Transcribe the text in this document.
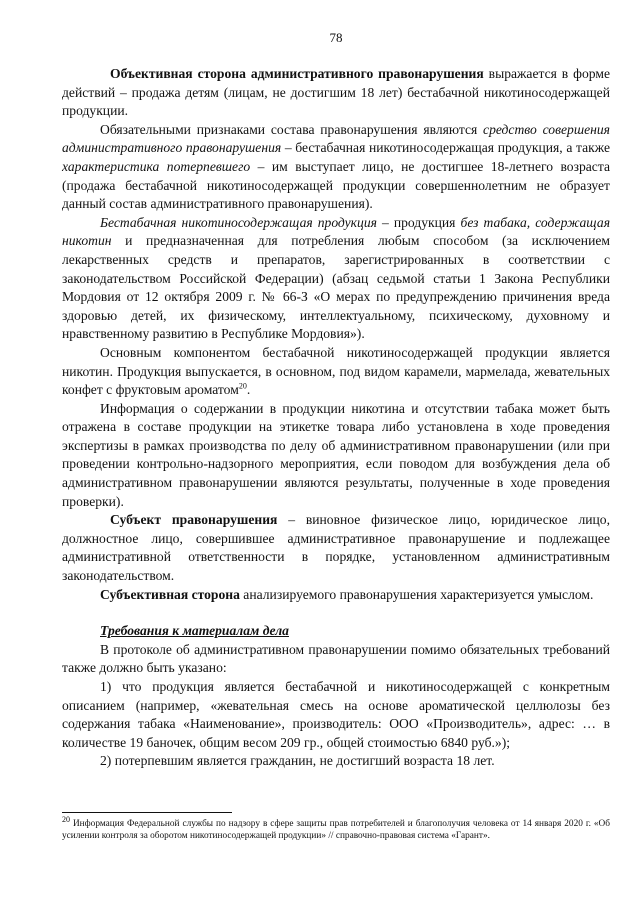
78

Объективная сторона административного правонарушения выражается в форме действий – продажа детям (лицам, не достигшим 18 лет) бестабачной никотиносодержащей продукции.

Обязательными признаками состава правонарушения являются средство совершения административного правонарушения – бестабачная никотиносодержащая продукция, а также характеристика потерпевшего – им выступает лицо, не достигшее 18-летнего возраста (продажа бестабачной никотиносодержащей продукции совершеннолетним не образует данный состав административного правонарушения).

Бестабачная никотиносодержащая продукция – продукция без табака, содержащая никотин и предназначенная для потребления любым способом (за исключением лекарственных средств и препаратов, зарегистрированных в соответствии с законодательством Российской Федерации) (абзац седьмой статьи 1 Закона Республики Мордовия от 12 октября 2009 г. № 66-З «О мерах по предупреждению причинения вреда здоровью детей, их физическому, интеллектуальному, психическому, духовному и нравственному развитию в Республике Мордовия»).

Основным компонентом бестабачной никотиносодержащей продукции является никотин. Продукция выпускается, в основном, под видом карамели, мармелада, жевательных конфет с фруктовым ароматом$^{20}$.

Информация о содержании в продукции никотина и отсутствии табака может быть отражена в составе продукции на этикетке товара либо установлена в ходе проведения экспертизы в рамках производства по делу об административном правонарушении (или при проведении контрольно-надзорного мероприятия, если поводом для возбуждения дела об административном правонарушении являются результаты, полученные в ходе проведения проверки).

Субъект правонарушения – виновное физическое лицо, юридическое лицо, должностное лицо, совершившее административное правонарушение и подлежащее административной ответственности в порядке, установленном административным законодательством.

Субъективная сторона анализируемого правонарушения характеризуется умыслом.

Требования к материалам дела

В протоколе об административном правонарушении помимо обязательных требований также должно быть указано:

1) что продукция является бестабачной и никотиносодержащей с конкретным описанием (например, «жевательная смесь на основе ароматической целлюлозы без содержания табака «Наименование», производитель: ООО «Производитель», адрес: … в количестве 19 баночек, общим весом 209 гр., общей стоимостью 6840 руб.»);

2) потерпевшим является гражданин, не достигший возраста 18 лет.

$^{20}$ Информация Федеральной службы по надзору в сфере защиты прав потребителей и благополучия человека от 14 января 2020 г. «Об усилении контроля за оборотом никотиносодержащей продукции» // справочно-правовая система «Гарант».
